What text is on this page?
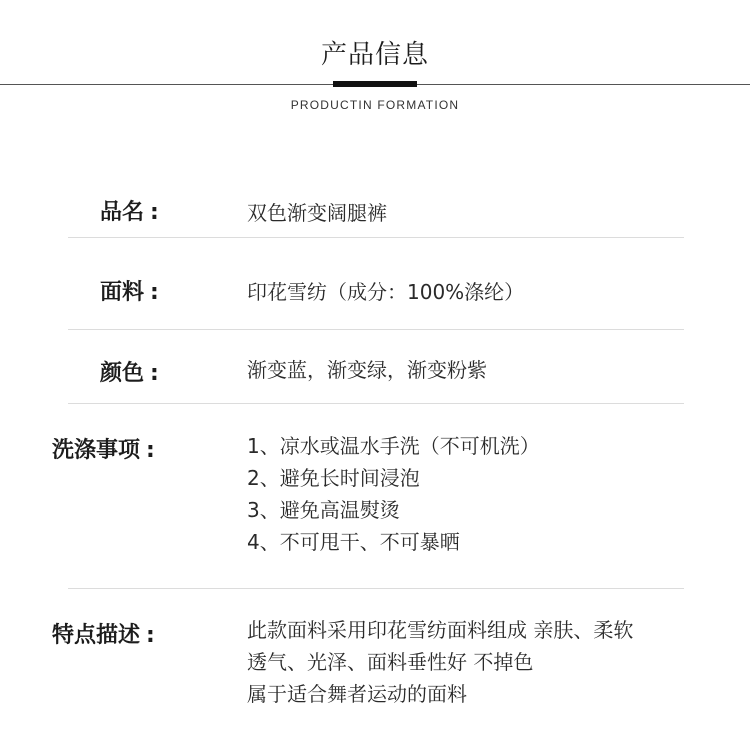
产品信息
PRODUCTIN FORMATION
品名 :	双色渐变阔腿裤
面料 :	印花雪纺（成分：100%涤纶）
颜色 :	渐变蓝，渐变绿，渐变粉紫
洗涤事项 :	1、凉水或温水手洗（不可机洗）
2、避免长时间浸泡
3、避免高温熨烫
4、不可甩干、不可暴晒
特点描述 :	此款面料采用印花雪纺面料组成 亲肤、柔软
透气、光泽、面料垂性好 不掉色
属于适合舞者运动的面料
